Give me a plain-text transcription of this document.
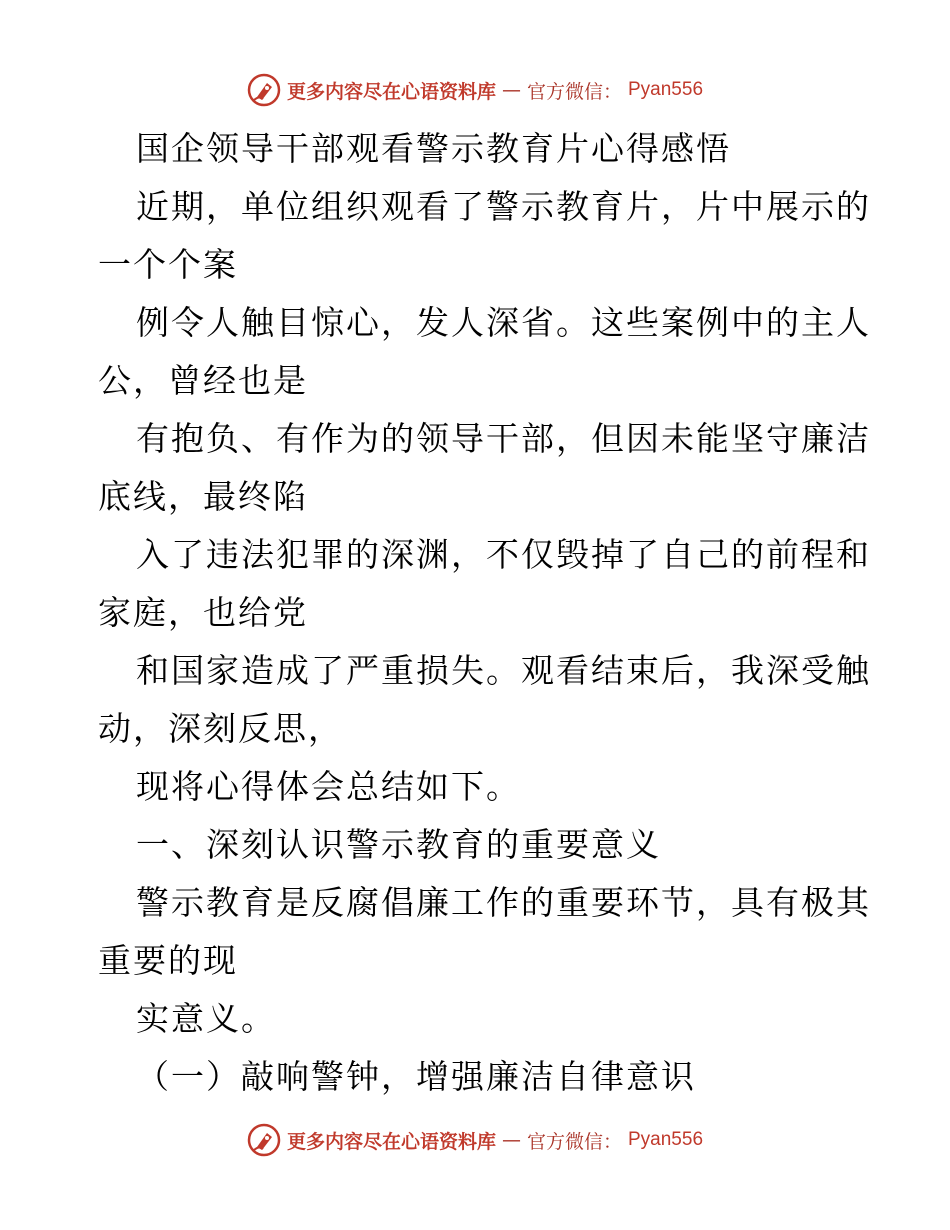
更多内容尽在心语资料库 — 官方微信： Pyan556
国企领导干部观看警示教育片心得感悟
近期，单位组织观看了警示教育片，片中展示的
一个个案
例令人触目惊心，发人深省。这些案例中的主人
公，曾经也是
有抱负、有作为的领导干部，但因未能坚守廉洁
底线，最终陷
入了违法犯罪的深渊，不仅毁掉了自己的前程和
家庭，也给党
和国家造成了严重损失。观看结束后，我深受触
动，深刻反思，
现将心得体会总结如下。
一、深刻认识警示教育的重要意义
警示教育是反腐倡廉工作的重要环节，具有极其
重要的现
实意义。
（一）敲响警钟，增强廉洁自律意识
更多内容尽在心语资料库 — 官方微信： Pyan556
